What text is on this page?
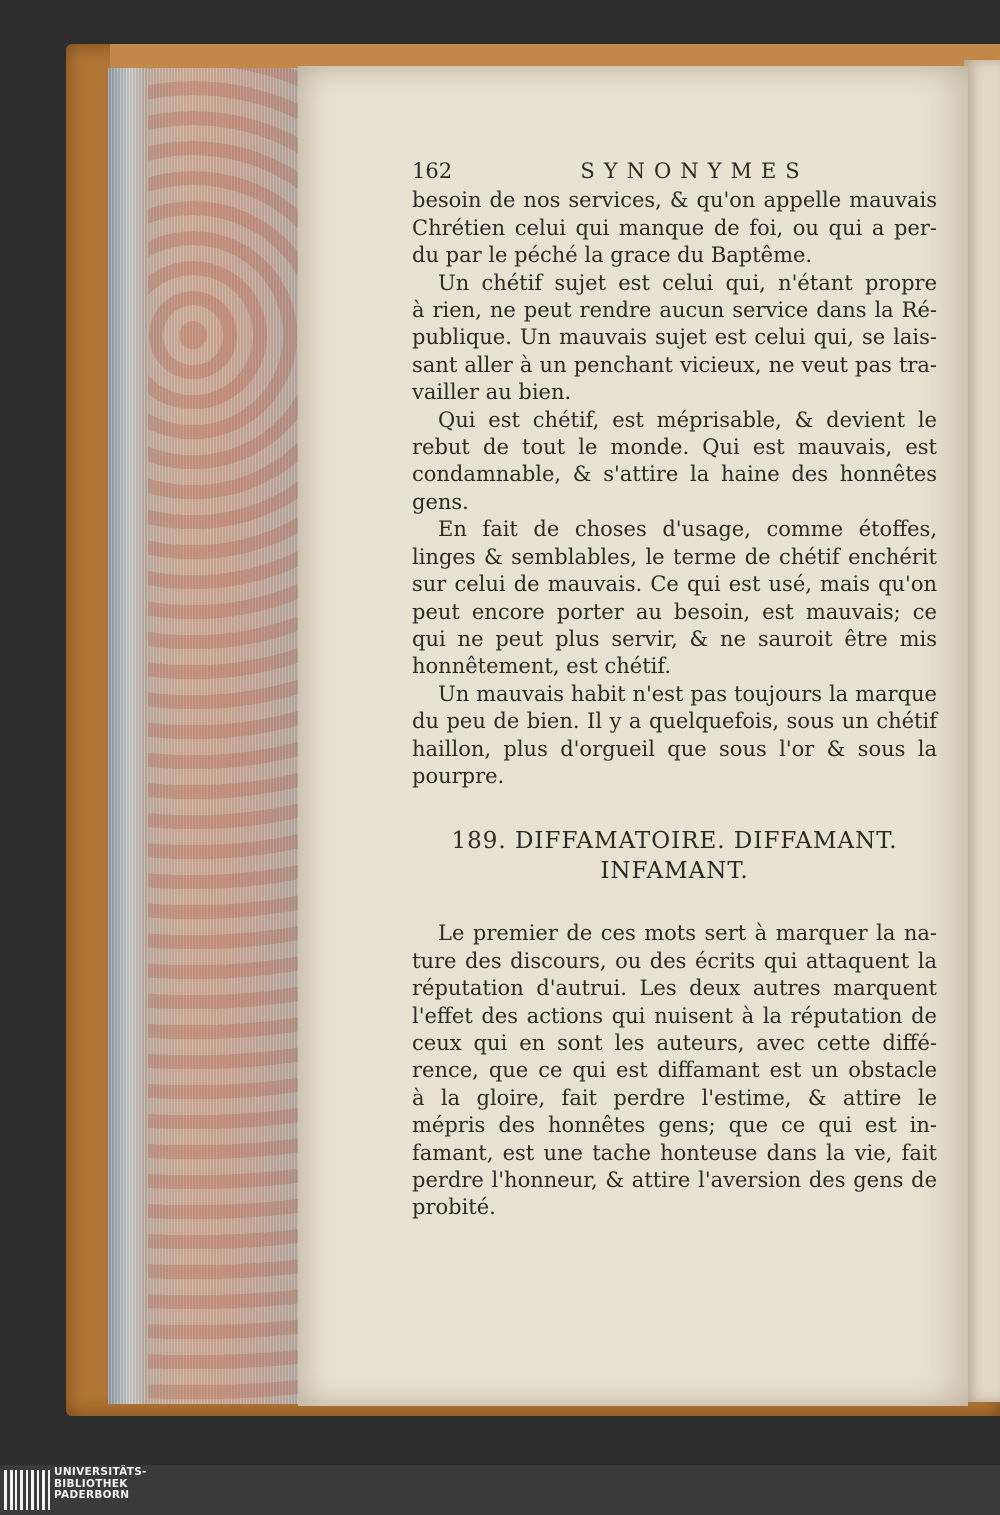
162	SYNONYMES
besoin de nos services, & qu'on appelle mauvais
Chrétien celui qui manque de foi, ou qui a per-
du par le péché la grace du Baptême.
Un chétif sujet est celui qui, n'étant propre
à rien, ne peut rendre aucun service dans la Ré-
publique. Un mauvais sujet est celui qui, se lais-
sant aller à un penchant vicieux, ne veut pas tra-
vailler au bien.
Qui est chétif, est méprisable, & devient le
rebut de tout le monde. Qui est mauvais, est
condamnable, & s'attire la haine des honnêtes
gens.
En fait de choses d'usage, comme étoffes,
linges & semblables, le terme de chétif enchérit
sur celui de mauvais. Ce qui est usé, mais qu'on
peut encore porter au besoin, est mauvais; ce
qui ne peut plus servir, & ne sauroit être mis
honnêtement, est chétif.
Un mauvais habit n'est pas toujours la marque
du peu de bien. Il y a quelquefois, sous un chétif
haillon, plus d'orgueil que sous l'or & sous la
pourpre.
189. DIFFAMATOIRE. DIFFAMANT.
INFAMANT.
Le premier de ces mots sert à marquer la na-
ture des discours, ou des écrits qui attaquent la
réputation d'autrui. Les deux autres marquent
l'effet des actions qui nuisent à la réputation de
ceux qui en sont les auteurs, avec cette diffé-
rence, que ce qui est diffamant est un obstacle
à la gloire, fait perdre l'estime, & attire le
mépris des honnêtes gens; que ce qui est in-
famant, est une tache honteuse dans la vie, fait
perdre l'honneur, & attire l'aversion des gens de
probité.
UNIVERSITÄTS-
BIBLIOTHEK
PADERBORN
